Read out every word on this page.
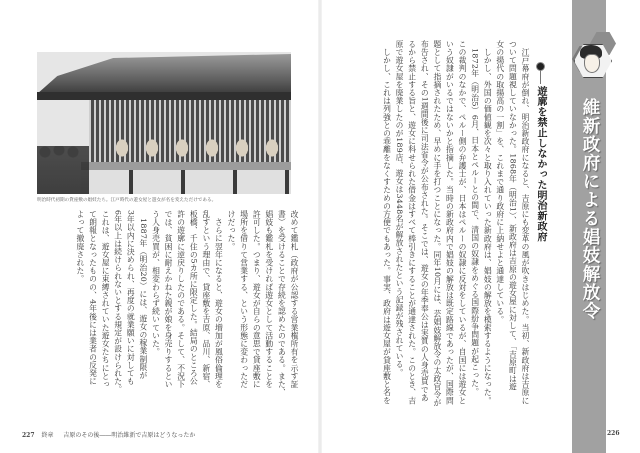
明治時代初期の貸座敷の娼妓たち。江戸時代の遊女屋と遊女が名を変えただけである。
改めて鑑札（政府が公認する営業権所有を示す証
書）を受けることで存続を認めたのである。また、
娼妓も鑑札を受ければ遊女として活動することを
許可した。つまり、遊女が自らの意思で貸座敷に
場所を借りて営業する、という形態に変わっただ
けだった。
　さらに翌年になると、遊女の増加が風俗倫理を
乱すという理由で、貸座敷を吉原、品川、新宿、
板橋、千住の5カ所に限定した。結局のところ公
許の遊廓に逆戻りしたのである。そして、不況下
では、貧困に耐えかねた親が娘を身売りするとい
う人身売買が、相変わらず続いていた。
　1887年（明治20）には、遊女の稼業制限が
3年以内に決められ、再度の就業願いに対しても
6年以上は続けられないとする規定が設けられた。
これは、遊女屋に束縛されていた遊女たちにとっ
て朗報となったものの、4年後には業者の反発に
よって撤廃された。
227 終章 吉原のその後――明治維新で吉原はどうなったか
　江戸幕府が倒れ、明治新政府になると、吉原にも変革の風が吹きはじめた。当初、新政府は吉原に
ついて問題視していなかった。1868年（明治1）、新政府は吉原の遊女屋に対して、「吉原町は遊
女の揚代の取揚高の一割」を、これまで通り政府に上納せよと通達している。
　しかし、外国の価値観を次々と取り入れていった新政府は、娼妓の解放を模索するようになった。
　1872年（明治5）6月、日本とペルーとの間で、清国の奴隷をめぐる国際紛争問題が起こった。
この裁判のなかで、ペルー側の弁護士が、日本はペルーの奴隷に反対をしているが、自国には遊女と
いう奴隷がいるではないかと指摘した。当時の新政府内で娼妓の解放は既定路線であったが、国際問
題として指摘されたため、早めに手を打つことになった。同年10月には、芸娼妓解放令の太政官令が
布告され、その1週間後に司法省令が公布された。そこでは、遊女の年季奉公は実質の人身売買であ
るから禁止する旨と、遊女に科せられた借金はすべて棒引きにすることが通達された。このとき、吉
原で遊女屋を廃業したのが189店、遊女は3448名が解放されたという記録が残されている。
　しかし、これは列強との乖離をなくすための方便でもあった。事実、政府は遊女屋が貸座敷と名を	遊廓を禁止しなかった明治新政府 維新政府による娼妓解放令
226
